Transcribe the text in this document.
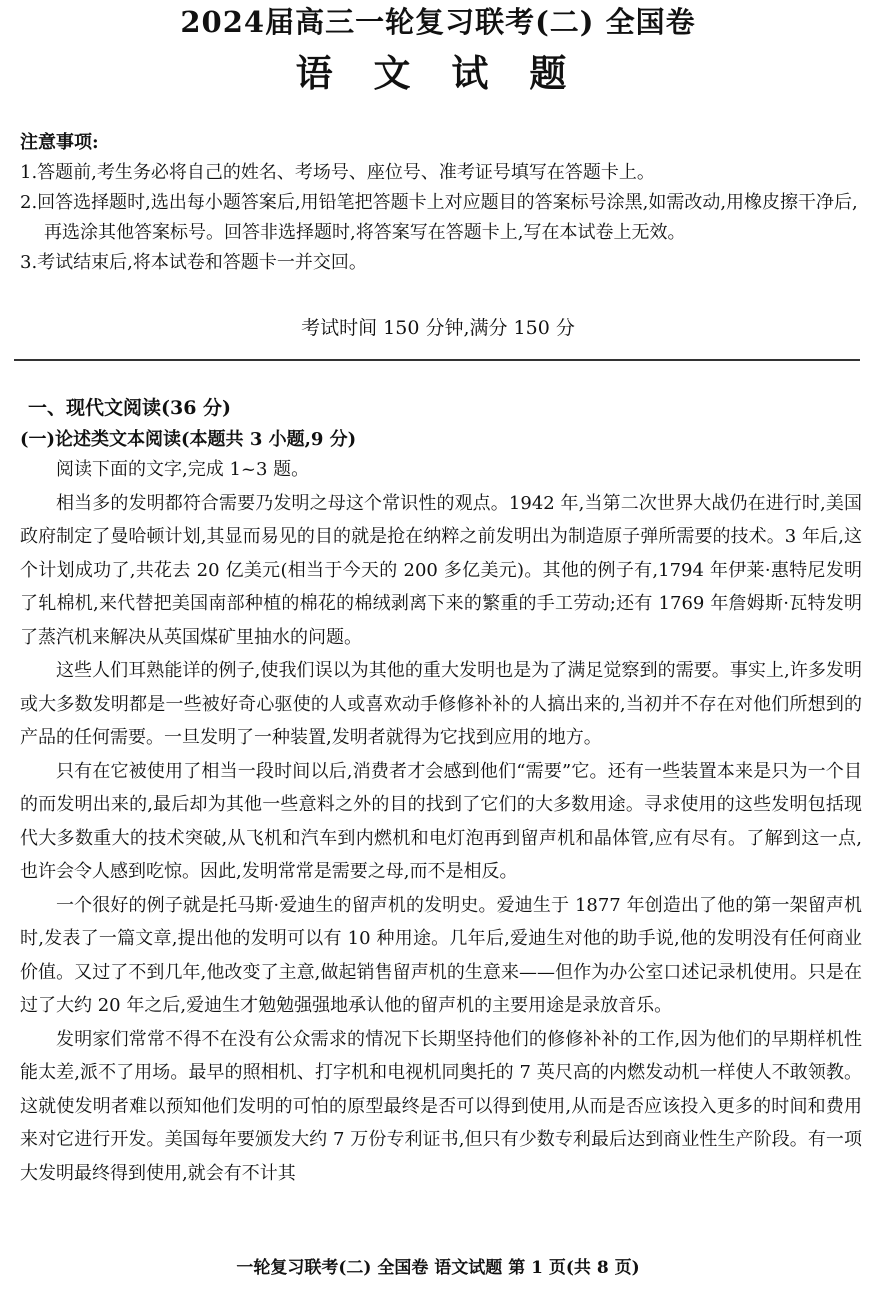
2024届高三一轮复习联考(二) 全国卷
语 文 试 题
注意事项:
1.答题前,考生务必将自己的姓名、考场号、座位号、准考证号填写在答题卡上。
2.回答选择题时,选出每小题答案后,用铅笔把答题卡上对应题目的答案标号涂黑,如需改动,用橡皮擦干净后,再选涂其他答案标号。回答非选择题时,将答案写在答题卡上,写在本试卷上无效。
3.考试结束后,将本试卷和答题卡一并交回。
考试时间 150 分钟,满分 150 分
一、现代文阅读(36 分)
(一)论述类文本阅读(本题共 3 小题,9 分)

阅读下面的文字,完成 1~3 题。

相当多的发明都符合需要乃发明之母这个常识性的观点。1942 年,当第二次世界大战仍在进行时,美国政府制定了曼哈顿计划,其显而易见的目的就是抢在纳粹之前发明出为制造原子弹所需要的技术。3 年后,这个计划成功了,共花去 20 亿美元(相当于今天的 200 多亿美元)。其他的例子有,1794 年伊莱·惠特尼发明了轧棉机,来代替把美国南部种植的棉花的棉绒剥离下来的繁重的手工劳动;还有 1769 年詹姆斯·瓦特发明了蒸汽机来解决从英国煤矿里抽水的问题。

这些人们耳熟能详的例子,使我们误以为其他的重大发明也是为了满足觉察到的需要。事实上,许多发明或大多数发明都是一些被好奇心驱使的人或喜欢动手修修补补的人搞出来的,当初并不存在对他们所想到的产品的任何需要。一旦发明了一种装置,发明者就得为它找到应用的地方。

只有在它被使用了相当一段时间以后,消费者才会感到他们“需要”它。还有一些装置本来是只为一个目的而发明出来的,最后却为其他一些意料之外的目的找到了它们的大多数用途。寻求使用的这些发明包括现代大多数重大的技术突破,从飞机和汽车到内燃机和电灯泡再到留声机和晶体管,应有尽有。了解到这一点,也许会令人感到吃惊。因此,发明常常是需要之母,而不是相反。

一个很好的例子就是托马斯·爱迪生的留声机的发明史。爱迪生于 1877 年创造出了他的第一架留声机时,发表了一篇文章,提出他的发明可以有 10 种用途。几年后,爱迪生对他的助手说,他的发明没有任何商业价值。又过了不到几年,他改变了主意,做起销售留声机的生意来——但作为办公室口述记录机使用。只是在过了大约 20 年之后,爱迪生才勉勉强强地承认他的留声机的主要用途是录放音乐。

发明家们常常不得不在没有公众需求的情况下长期坚持他们的修修补补的工作,因为他们的早期样机性能太差,派不了用场。最早的照相机、打字机和电视机同奥托的 7 英尺高的内燃发动机一样使人不敢领教。这就使发明者难以预知他们发明的可怕的原型最终是否可以得到使用,从而是否应该投入更多的时间和费用来对它进行开发。美国每年要颁发大约 7 万份专利证书,但只有少数专利最后达到商业性生产阶段。有一项大发明最终得到使用,就会有不计其

一轮复习联考(二) 全国卷 语文试题 第 1 页(共 8 页)
